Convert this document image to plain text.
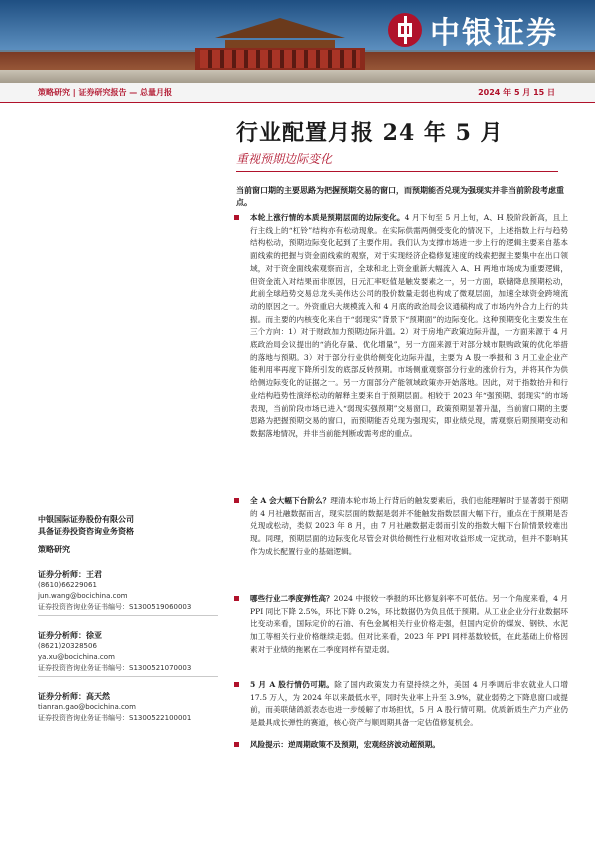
中银证券
策略研究 | 证券研究报告 — 总量月报	2024 年 5 月 15 日
行业配置月报 24 年 5 月
重视预期边际变化
当前窗口期的主要思路为把握预期交易的窗口，而预期能否兑现为强现实并非当前阶段考虑重点。
本轮上涨行情的本质是预期层面的边际变化。4 月下旬至 5 月上旬，A、H 股阶段新高，且上行主线上的“杠铃”结构亦有松动现象。在实际供需两侧受变化的情况下，上述指数上行与趋势结构松动，预期边际变化起到了主要作用。我们认为支撑市场进一步上行的逻辑主要来自基本面线索的把握与资金面线索的观察，对于实现经济企稳修复速度的线索把握主要集中在出口领域，对于资金面线索观察而言，全球和北上资金重新大幅流入 A、H 两地市场成为重要逻辑，但资金流入对结果而非原因，日元汇率贬值是触发要素之一，另一方面，联储降息预期松动，此前全球趋势交易总龙头美伟达公司的股价数量走弱也构成了微观层面，加速全球资金跨境流动的原因之一。外资重启大规模流入和 4 月底的政治局会议通稿构成了市场内外合力上行的共振。而主要的内核变化来自于“弱现实”背景下“预期面”的边际变化。这种预期变化主要发生在三个方向：1）对于财政加力预期边际升温。2）对于房地产政策边际升温，一方面来源于 4 月底政治局会议提出的“消化存量、优化增量”，另一方面来源于对部分城市限购政策的优化举措的落地与预期。3）对于部分行业供给侧变化边际升温，主要为 A 股一季报和 3 月工业企业产能利用率再度下降所引发的底部反转预期。市场侧重观察部分行业的涨价行为，并将其作为供给侧边际变化的证据之一。另一方面部分产能领域政策亦开始落地。因此，对于指数抬升和行业结构趋势性演绎松动的解释主要来自于预期层面。相较于 2023 年“强预期、弱现实”的市场表现，当前阶段市场已进入“弱现实强预期”交易窗口，政策预期显著升温，当前窗口期的主要思路为把握预期交易的窗口，而预期能否兑现为强现实，即业绩兑现，需观察后期预期变动和数据落地情况，并非当前能判断或需考虑的重点。
全 A 会大幅下台阶么？理清本轮市场上行背后的触发要素后，我们也能理解时于显著弱于预期的 4 月社融数据而言，现实层面的数据是弱并不能触发指数层面大幅下行，重点在于预期是否兑现或松动，类似 2023 年 8 月，由 7 月社融数据走弱而引发的指数大幅下台阶情景较难出现。同理，预期层面的边际变化尽管会对供给侧性行业相对收益形成一定扰动，但并不影响其作为成长配置行业的基础逻辑。
哪些行业二季度弹性高？2024 中报较一季报的环比修复斜率不可低估。另一个角度来看，4 月 PPI 同比下降 2.5%，环比下降 0.2%，环比数据仍为负且低于预期。从工业企业分行业数据环比变动来看，国际定价的石油、有色金属相关行业价格走强，但国内定价的煤炭、钢铁、水泥加工等相关行业价格继续走弱。但对比来看，2023 年 PPI 同样基数较低，在此基础上价格因素对于业绩的拖累在二季度同样有望走弱。
5 月 A 股行情仍可期。除了国内政策发力有望持续之外，美国 4 月季调后非农就业人口增 17.5 万人，为 2024 年以来最低水平，同时失业率上升至 3.9%，就业弱势之下降息窗口或提前，而美联储鸽派表态也进一步缓解了市场担忧，5 月 A 股行情可期。优质新质生产力产业仍是最具成长弹性的赛道，核心资产与顺周期具备一定估值修复机会。
风险提示：逆周期政策不及预期，宏观经济波动超预期。
中银国际证券股份有限公司
具备证券投资咨询业务资格
策略研究
证券分析师：王君
(8610)66229061
jun.wang@bocichina.com
证券投资咨询业务证书编号：S1300519060003
证券分析师：徐亚
(8621)20328506
ya.xu@bocichina.com
证券投资咨询业务证书编号：S1300521070003
证券分析师：高天然
tianran.gao@bocichina.com
证券投资咨询业务证书编号：S1300522100001
